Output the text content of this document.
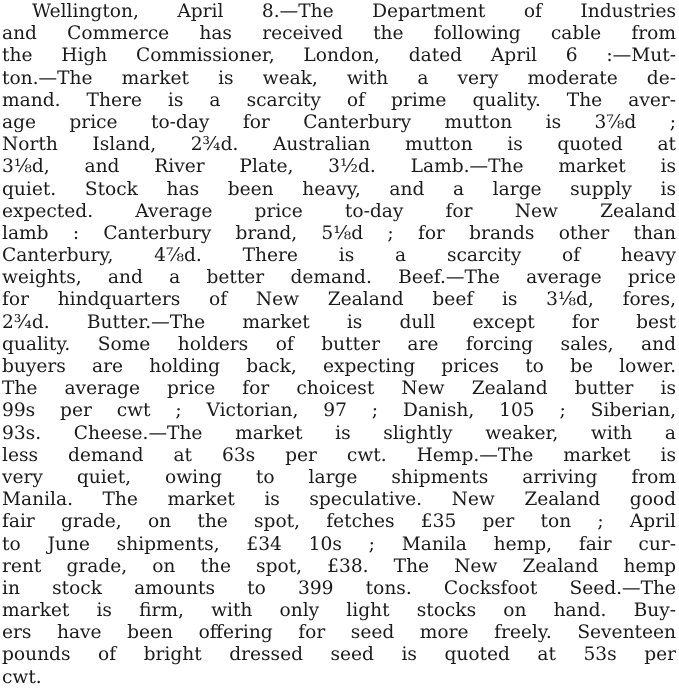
Wellington, April 8.—The Department of Industries
and Commerce has received the following cable from
the High Commissioner, London, dated April 6 :—Mut-
ton.—The market is weak, with a very moderate de-
mand. There is a scarcity of prime quality. The aver-
age price to-day for Canterbury mutton is 3⅞d ;
North Island, 2¾d. Australian mutton is quoted at
3⅛d, and River Plate, 3½d. Lamb.—The market is
quiet. Stock has been heavy, and a large supply is
expected. Average price to-day for New Zealand
lamb : Canterbury brand, 5⅛d ; for brands other than
Canterbury, 4⅞d. There is a scarcity of heavy
weights, and a better demand. Beef.—The average price
for hindquarters of New Zealand beef is 3⅛d, fores,
2¾d. Butter.—The market is dull except for best
quality. Some holders of butter are forcing sales, and
buyers are holding back, expecting prices to be lower.
The average price for choicest New Zealand butter is
99s per cwt ; Victorian, 97 ; Danish, 105 ; Siberian,
93s. Cheese.—The market is slightly weaker, with a
less demand at 63s per cwt. Hemp.—The market is
very quiet, owing to large shipments arriving from
Manila. The market is speculative. New Zealand good
fair grade, on the spot, fetches £35 per ton ; April
to June shipments, £34 10s ; Manila hemp, fair cur-
rent grade, on the spot, £38. The New Zealand hemp
in stock amounts to 399 tons. Cocksfoot Seed.—The
market is firm, with only light stocks on hand. Buy-
ers have been offering for seed more freely. Seventeen
pounds of bright dressed seed is quoted at 53s per
cwt.
